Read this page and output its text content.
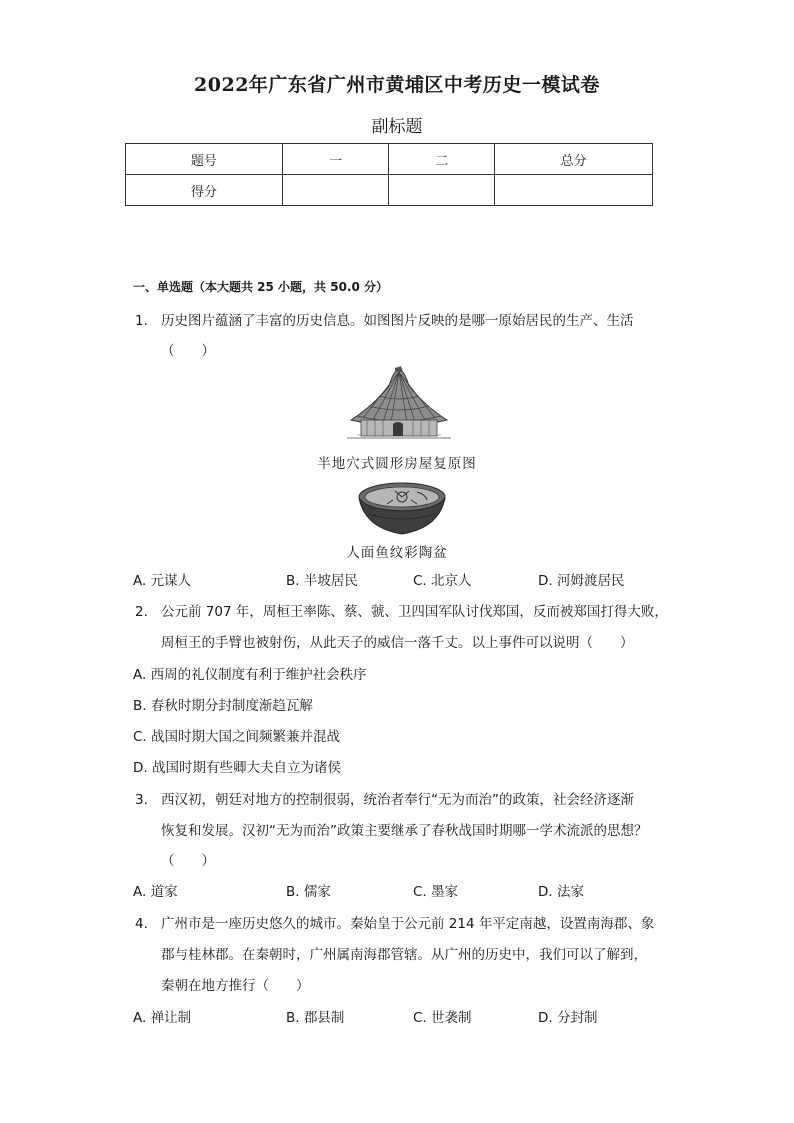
2022年广东省广州市黄埔区中考历史一模试卷
副标题
题号	一	二	总分
得分			
一、单选题（本大题共 25 小题，共 50.0 分）
1. 历史图片蕴涵了丰富的历史信息。如图图片反映的是哪一原始居民的生产、生活
（　　）
半地穴式圆形房屋复原图
人面鱼纹彩陶盆
A. 元谋人	B. 半坡居民	C. 北京人	D. 河姆渡居民
2. 公元前 707 年，周桓王率陈、蔡、虢、卫四国军队讨伐郑国，反而被郑国打得大败，
周桓王的手臂也被射伤，从此天子的威信一落千丈。以上事件可以说明（　　）
A. 西周的礼仪制度有利于维护社会秩序
B. 春秋时期分封制度渐趋瓦解
C. 战国时期大国之间频繁兼并混战
D. 战国时期有些卿大夫自立为诸侯
3. 西汉初，朝廷对地方的控制很弱，统治者奉行“无为而治”的政策，社会经济逐渐
恢复和发展。汉初“无为而治”政策主要继承了春秋战国时期哪一学术流派的思想？
（　　）
A. 道家	B. 儒家	C. 墨家	D. 法家
4. 广州市是一座历史悠久的城市。秦始皇于公元前 214 年平定南越，设置南海郡、象
郡与桂林郡。在秦朝时，广州属南海郡管辖。从广州的历史中，我们可以了解到，
秦朝在地方推行（　　）
A. 禅让制	B. 郡县制	C. 世袭制	D. 分封制
